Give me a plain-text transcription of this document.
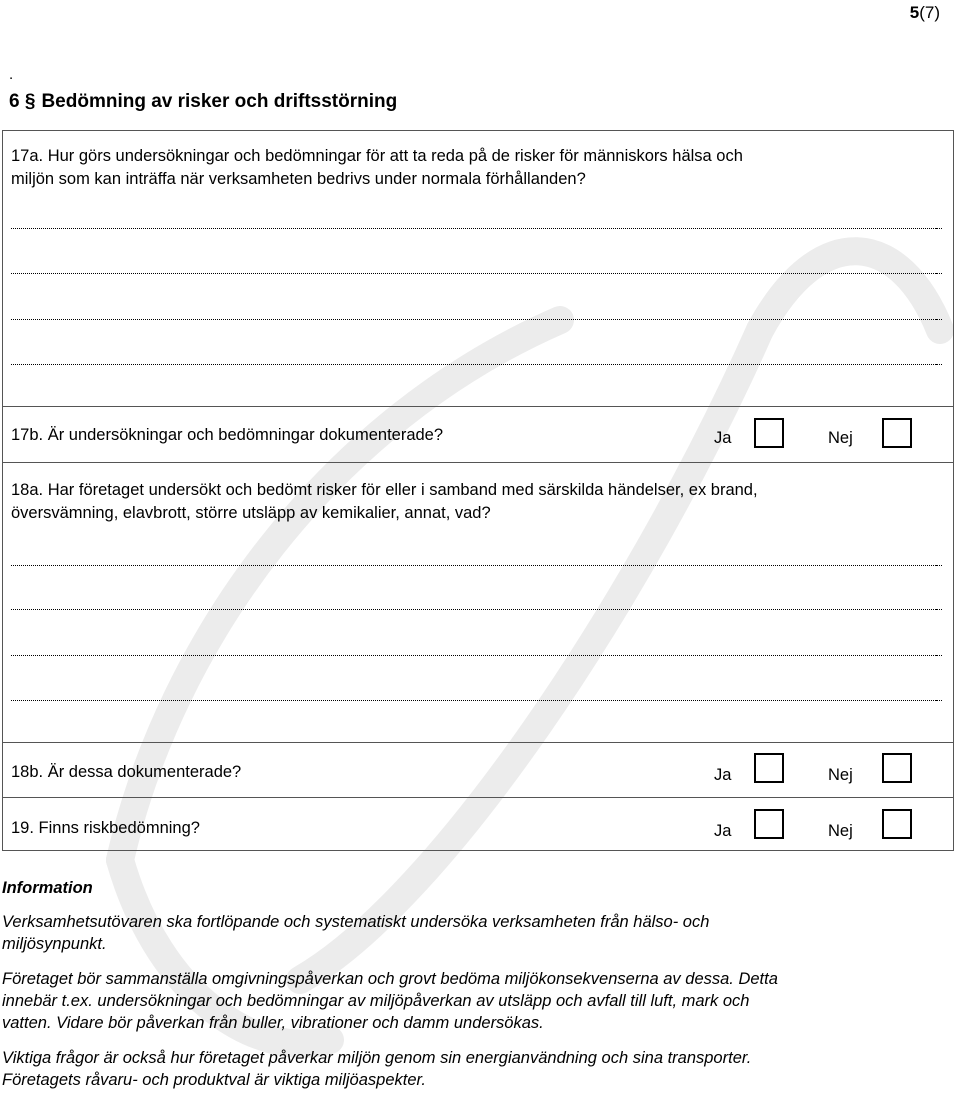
5(7)
.
6 § Bedömning av risker och driftsstörning
17a. Hur görs undersökningar och bedömningar för att ta reda på de risker för människors hälsa och
miljön som kan inträffa när verksamheten bedrivs under normala förhållanden?
17b. Är undersökningar och bedömningar dokumenterade?	Ja	Nej
18a. Har företaget undersökt och bedömt risker för eller i samband med särskilda händelser, ex brand,
översvämning, elavbrott, större utsläpp av kemikalier, annat, vad?
18b. Är dessa dokumenterade?	Ja	Nej
19. Finns riskbedömning?	Ja	Nej
Information
Verksamhetsutövaren ska fortlöpande och systematiskt undersöka verksamheten från hälso- och
miljösynpunkt.
Företaget bör sammanställa omgivningspåverkan och grovt bedöma miljökonsekvenserna av dessa. Detta
innebär t.ex. undersökningar och bedömningar av miljöpåverkan av utsläpp och avfall till luft, mark och
vatten. Vidare bör påverkan från buller, vibrationer och damm undersökas.
Viktiga frågor är också hur företaget påverkar miljön genom sin energianvändning och sina transporter.
Företagets råvaru- och produktval är viktiga miljöaspekter.
